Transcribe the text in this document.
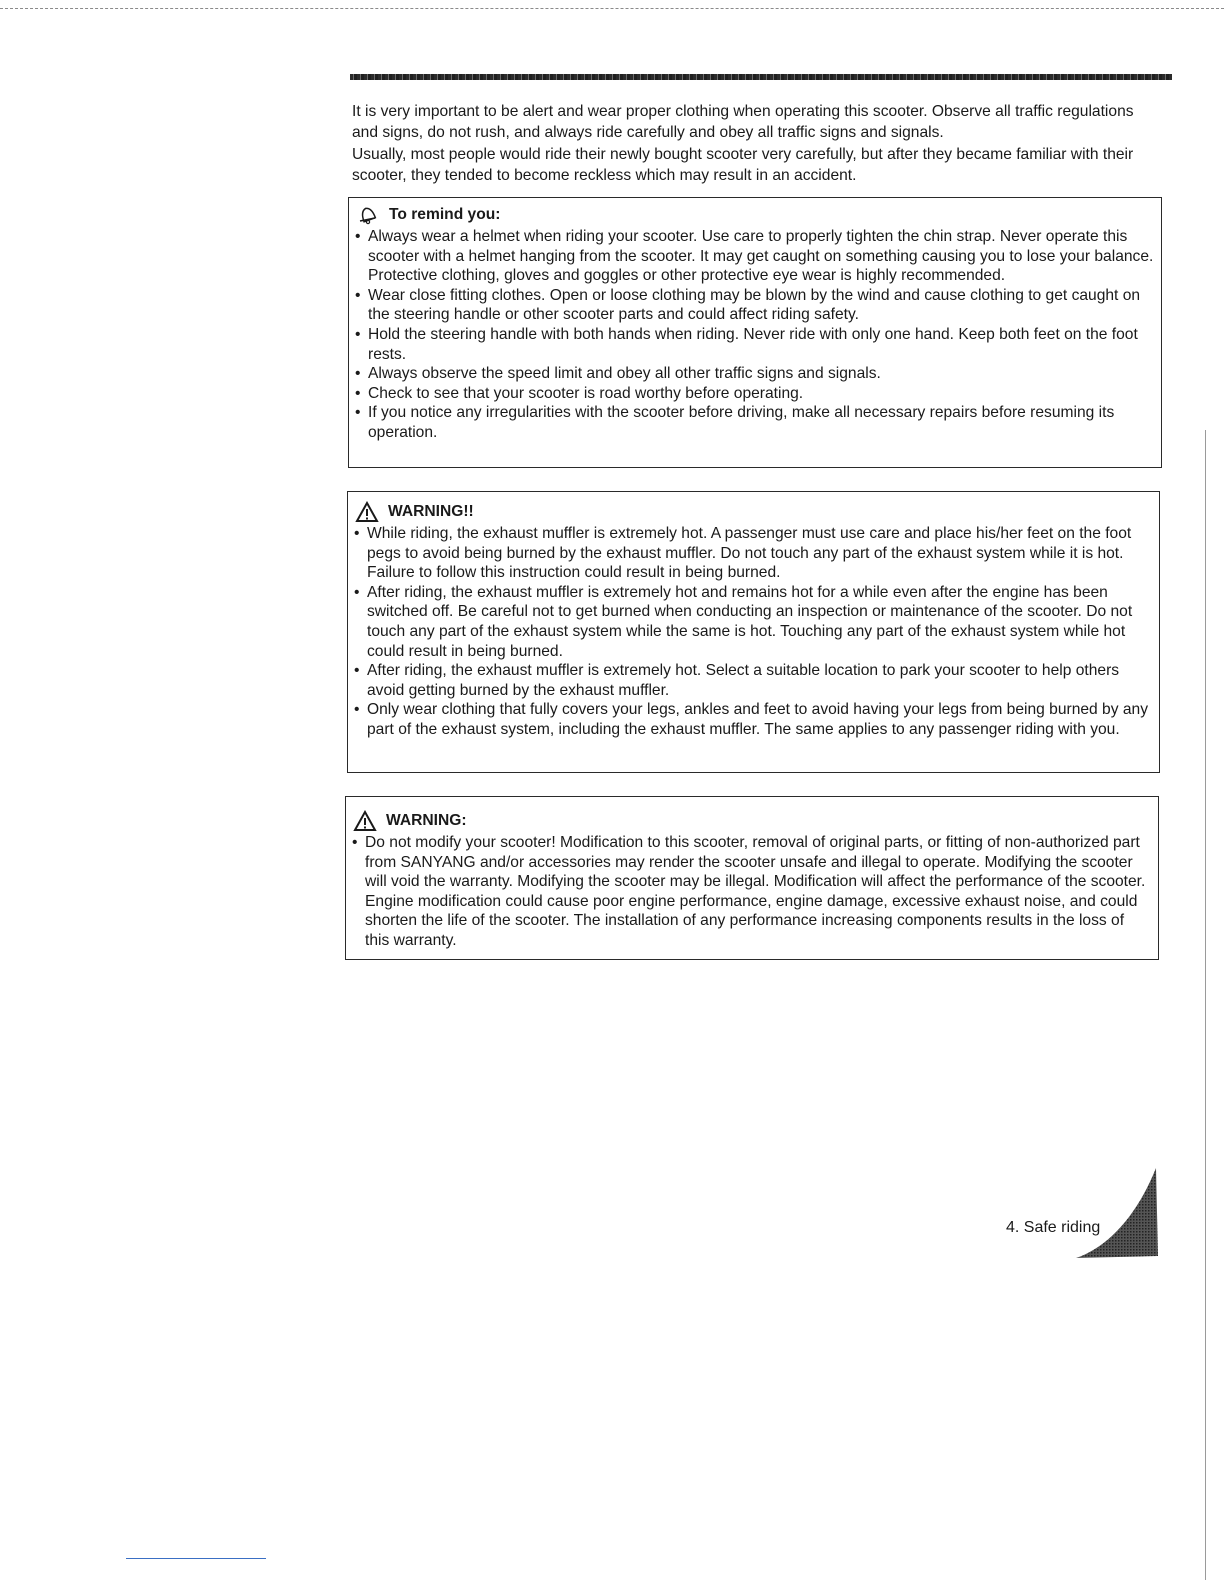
It is very important to be alert and wear proper clothing when operating this scooter. Observe all traffic regulations and signs, do not rush, and always ride carefully and obey all traffic signs and signals.

Usually, most people would ride their newly bought scooter very carefully, but after they became familiar with their scooter, they tended to become reckless which may result in an accident.

To remind you:
• Always wear a helmet when riding your scooter. Use care to properly tighten the chin strap. Never operate this scooter with a helmet hanging from the scooter. It may get caught on something causing you to lose your balance. Protective clothing, gloves and goggles or other protective eye wear is highly recommended.
• Wear close fitting clothes. Open or loose clothing may be blown by the wind and cause clothing to get caught on the steering handle or other scooter parts and could affect riding safety.
• Hold the steering handle with both hands when riding. Never ride with only one hand. Keep both feet on the foot rests.
• Always observe the speed limit and obey all other traffic signs and signals.
• Check to see that your scooter is road worthy before operating.
• If you notice any irregularities with the scooter before driving, make all necessary repairs before resuming its operation.
WARNING!!
• While riding, the exhaust muffler is extremely hot. A passenger must use care and place his/her feet on the foot pegs to avoid being burned by the exhaust muffler. Do not touch any part of the exhaust system while it is hot. Failure to follow this instruction could result in being burned.
• After riding, the exhaust muffler is extremely hot and remains hot for a while even after the engine has been switched off. Be careful not to get burned when conducting an inspection or maintenance of the scooter. Do not touch any part of the exhaust system while the same is hot. Touching any part of the exhaust system while hot could result in being burned.
• After riding, the exhaust muffler is extremely hot. Select a suitable location to park your scooter to help others avoid getting burned by the exhaust muffler.
• Only wear clothing that fully covers your legs, ankles and feet to avoid having your legs from being burned by any part of the exhaust system, including the exhaust muffler. The same applies to any passenger riding with you.
WARNING:
• Do not modify your scooter! Modification to this scooter, removal of original parts, or fitting of non-authorized part from SANYANG and/or accessories may render the scooter unsafe and illegal to operate. Modifying the scooter will void the warranty. Modifying the scooter may be illegal. Modification will affect the performance of the scooter. Engine modification could cause poor engine performance, engine damage, excessive exhaust noise, and could shorten the life of the scooter. The installation of any performance increasing components results in the loss of this warranty.
4. Safe riding
